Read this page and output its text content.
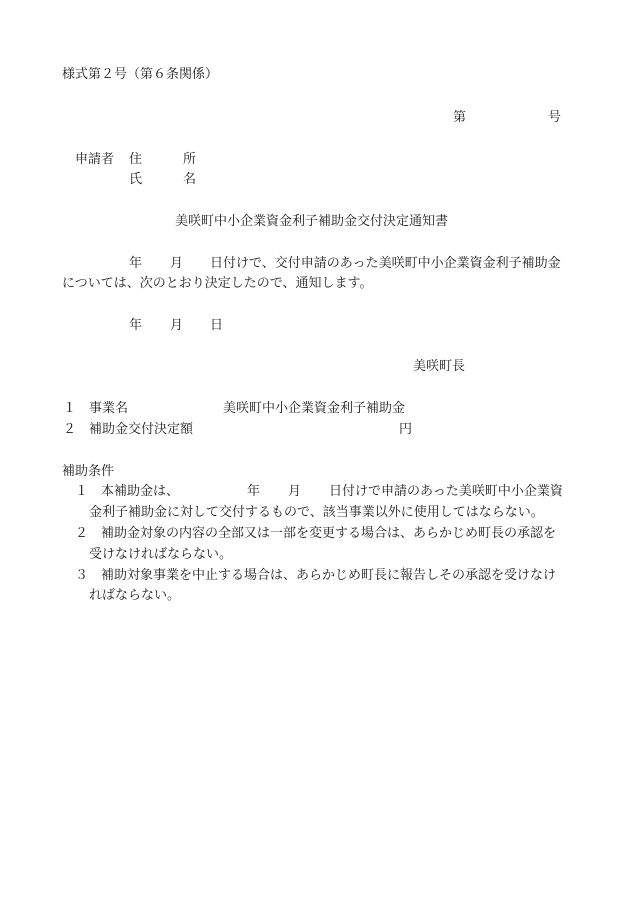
様式第２号（第６条関係）
第	号
申請者 住	所
氏	名
美咲町中小企業資金利子補助金交付決定通知書
年 月 日付けで、交付申請のあった美咲町中小企業資金利子補助金
については、次のとおり決定したので、通知します。
年 月 日
美咲町長
１ 事業名	美咲町中小企業資金利子補助金
２ 補助金交付決定額	円
補助条件
１ 本補助金は、	年 月 日付けで申請のあった美咲町中小企業資
金利子補助金に対して交付するもので、該当事業以外に使用してはならない。
２ 補助金対象の内容の全部又は一部を変更する場合は、あらかじめ町長の承認を
受けなければならない。
３ 補助対象事業を中止する場合は、あらかじめ町長に報告しその承認を受けなけ
ればならない。
